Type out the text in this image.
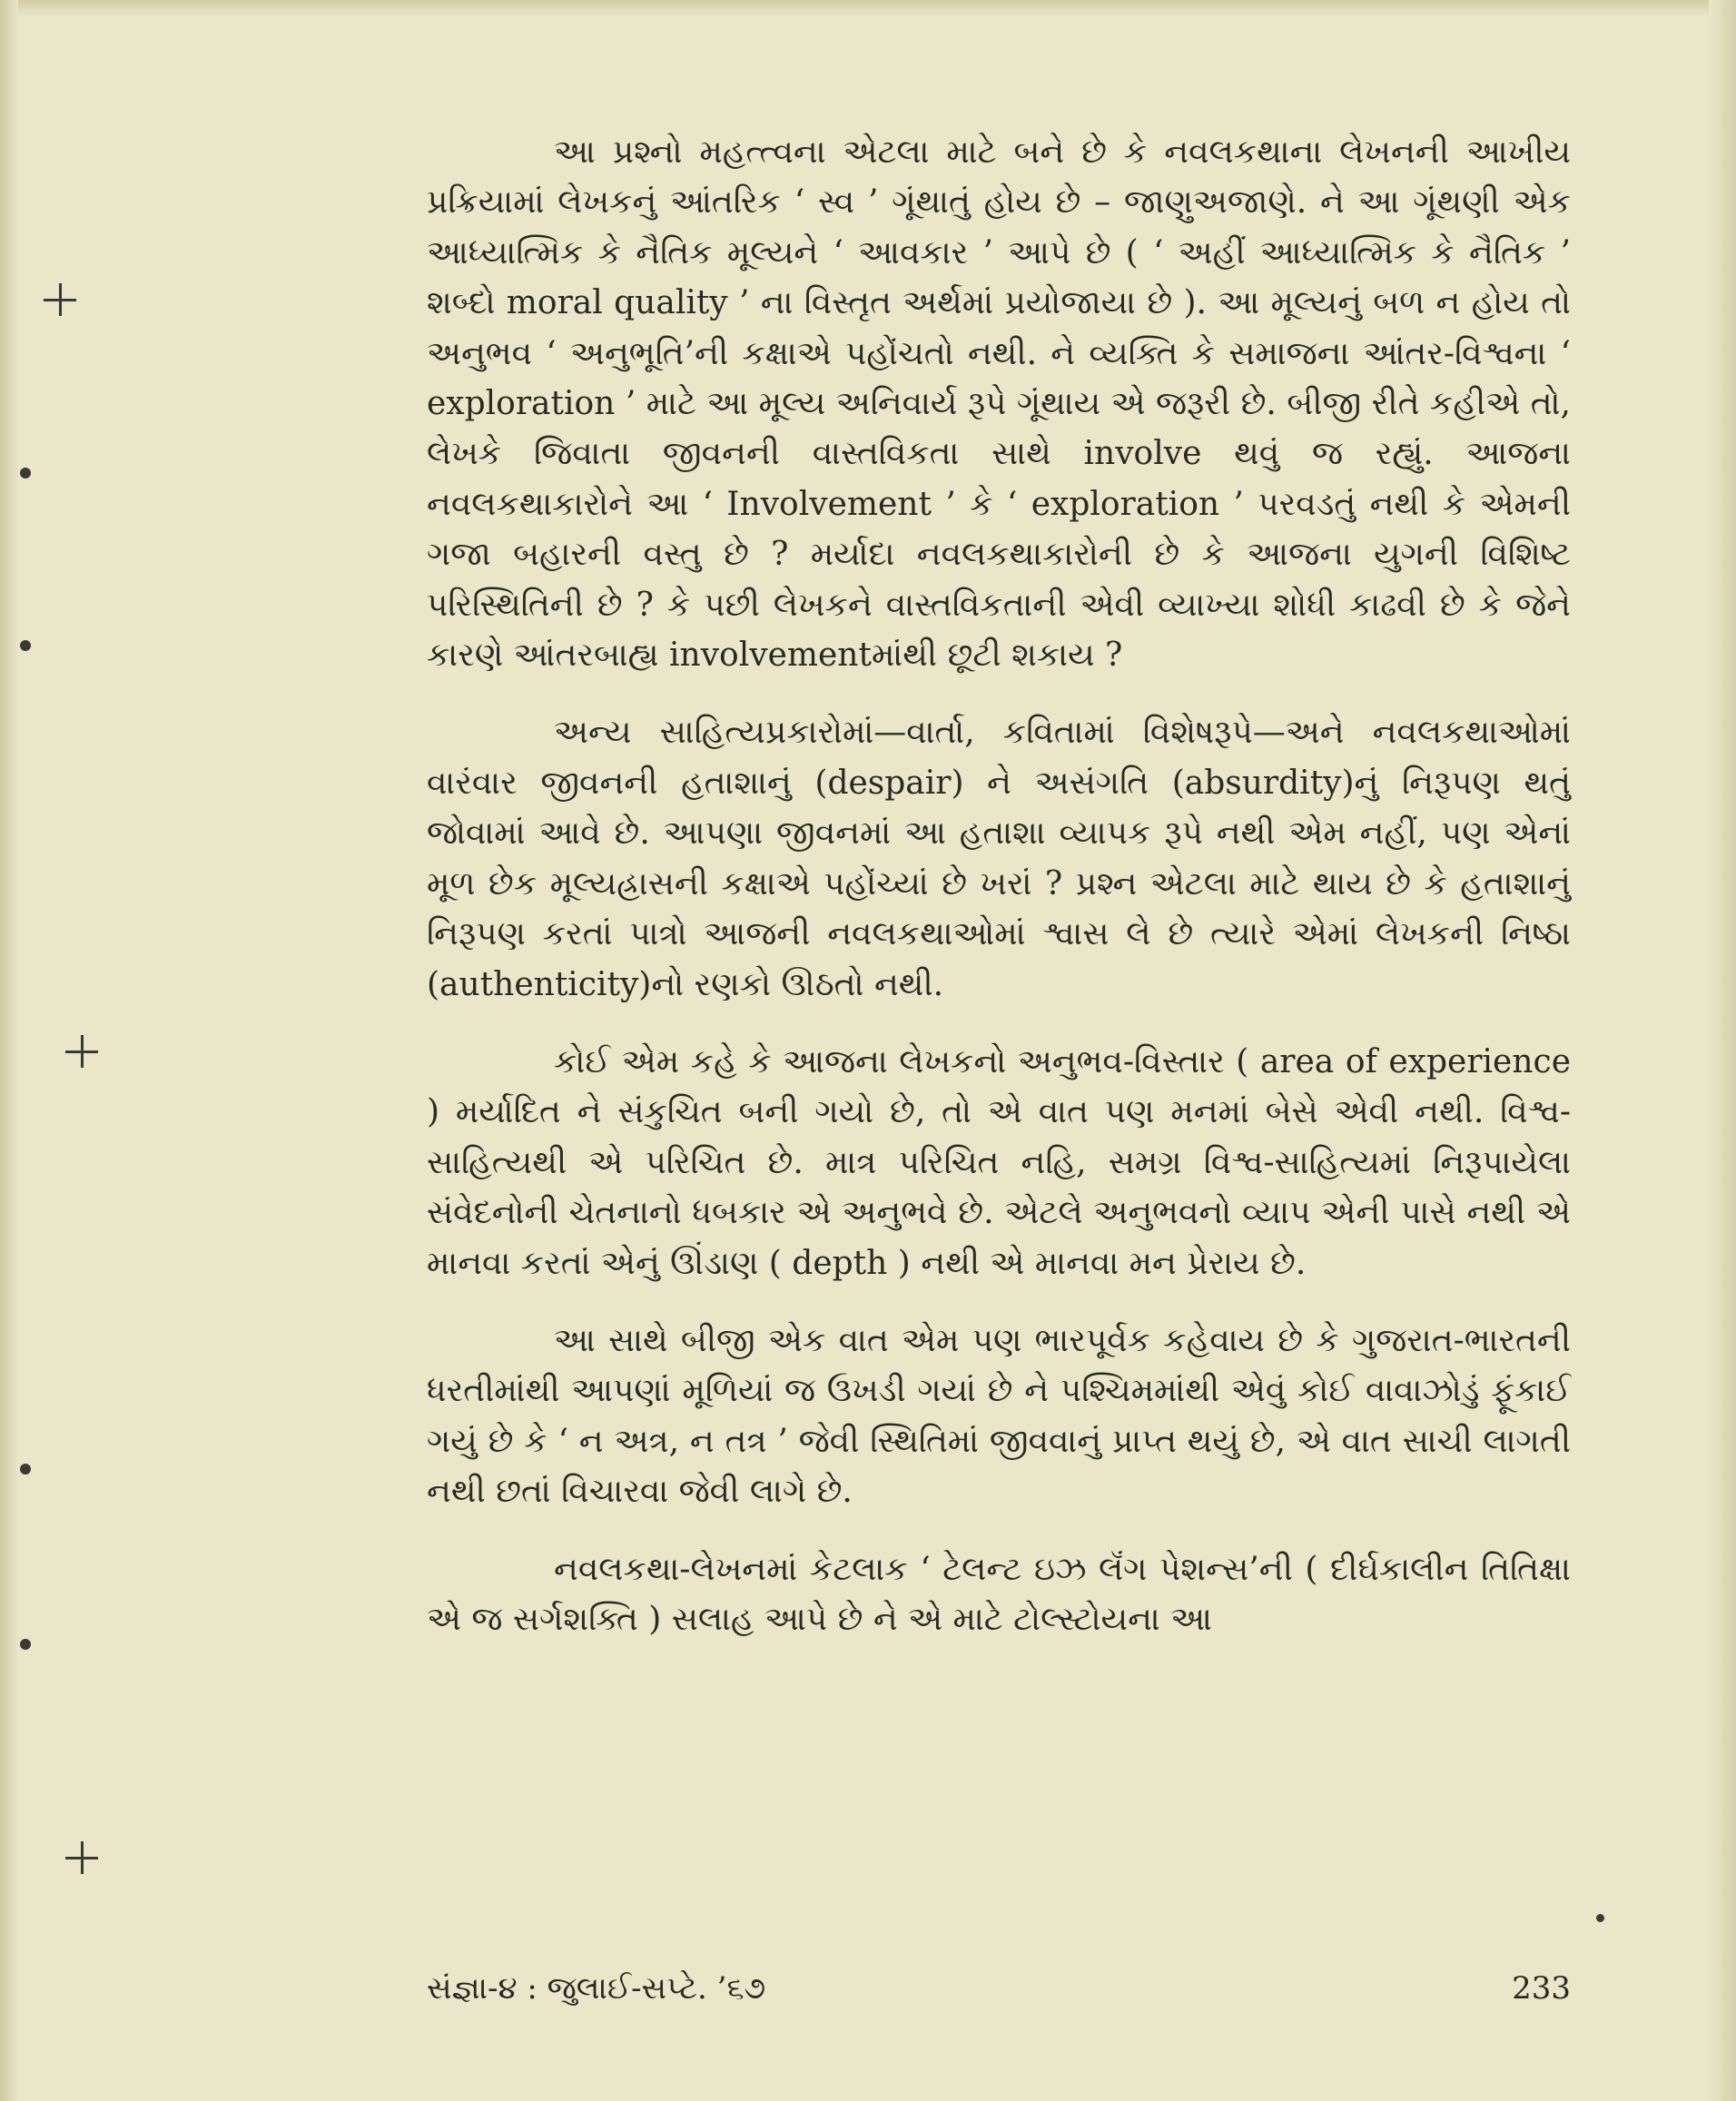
આ પ્રશ્નો મહત્ત્વના એટલા માટે બને છે કે નવલકથાના લેખનની આખીય પ્રક્રિયામાં લેખકનું આંતરિક ‘ સ્વ ’ ગૂંથાતું હોય છે – જાણુઅજાણે. ને આ ગૂંથણી એક આધ્યાત્મિક કે નૈતિક મૂલ્યને ‘ આવકાર ’ આપે છે ( ‘ અહીં આધ્યાત્મિક કે નૈતિક ’ શબ્દો moral quality ’ ના વિસ્તૃત અર્થમાં પ્રયોજાયા છે ). આ મૂલ્યનું બળ ન હોય તો અનુભવ ‘ અનુભૂતિ’ની કક્ષાએ પહોંચતો નથી. ને વ્યક્તિ કે સમાજના આંતર-વિશ્વના ‘ exploration ’ માટે આ મૂલ્ય અનિવાર્ય રૂપે ગૂંથાય એ જરૂરી છે. બીજી રીતે કહીએ તો, લેખકે જિવાતા જીવનની વાસ્તવિકતા સાથે involve થવું જ રહ્યું. આજના નવલકથાકારોને આ ‘ Involvement ’ કે ‘ exploration ’ પરવડતું નથી કે એમની ગજા બહારની વસ્તુ છે ? મર્યાદા નવલકથાકારોની છે કે આજના યુગની વિશિષ્ટ પરિસ્થિતિની છે ? કે પછી લેખકને વાસ્તવિકતાની એવી વ્યાખ્યા શોધી કાઢવી છે કે જેને કારણે આંતરબાહ્ય involvementમાંથી છૂટી શકાય ?

અન્ય સાહિત્યપ્રકારોમાં—વાર્તા, કવિતામાં વિશેષરૂપે—અને નવલકથાઓમાં વારંવાર જીવનની હતાશાનું (despair) ને અસંગતિ (absurdity)નું નિરૂપણ થતું જોવામાં આવે છે. આપણા જીવનમાં આ હતાશા વ્યાપક રૂપે નથી એમ નહીં, પણ એનાં મૂળ છેક મૂલ્યહ્રાસની કક્ષાએ પહોંચ્યાં છે ખરાં ? પ્રશ્ન એટલા માટે થાય છે કે હતાશાનું નિરૂપણ કરતાં પાત્રો આજની નવલકથાઓમાં શ્વાસ લે છે ત્યારે એમાં લેખકની નિષ્ઠા (authenticity)નો રણકો ઊઠતો નથી.

કોઈ એમ કહે કે આજના લેખકનો અનુભવ-વિસ્તાર ( area of experience ) મર્યાદિત ને સંકુચિત બની ગયો છે, તો એ વાત પણ મનમાં બેસે એવી નથી. વિશ્વ-સાહિત્યથી એ પરિચિત છે. માત્ર પરિચિત નહિ, સમગ્ર વિશ્વ-સાહિત્યમાં નિરૂપાયેલા સંવેદનોની ચેતનાનો ધબકાર એ અનુભવે છે. એટલે અનુભવનો વ્યાપ એની પાસે નથી એ માનવા કરતાં એનું ઊંડાણ ( depth ) નથી એ માનવા મન પ્રેરાય છે.

આ સાથે બીજી એક વાત એમ પણ ભારપૂર્વક કહેવાય છે કે ગુજરાત-ભારતની ધરતીમાંથી આપણાં મૂળિયાં જ ઉખડી ગયાં છે ને પશ્ચિમમાંથી એવું કોઈ વાવાઝોડું ફૂંકાઈ ગયું છે કે ‘ ન અત્ર, ન તત્ર ’ જેવી સ્થિતિમાં જીવવાનું પ્રાપ્ત થયું છે, એ વાત સાચી લાગતી નથી છતાં વિચારવા જેવી લાગે છે.

નવલકથા-લેખનમાં કેટલાક ‘ ટેલન્ટ ઇઝ લૅંગ પેશન્સ’ની ( દીર્ઘકાલીન તિતિક્ષા એ જ સર્ગશક્તિ ) સલાહ આપે છે ને એ માટે ટોલ્સ્ટોયના આ

સંજ્ઞા-૪ : જુલાઈ-સપ્ટે. ’૬૭	233
